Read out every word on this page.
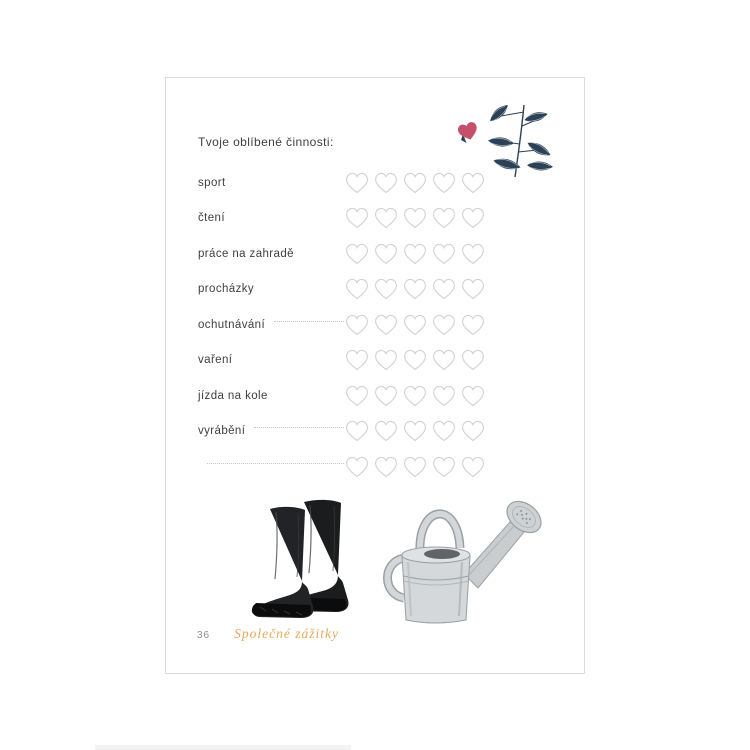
Tvoje oblíbené činnosti:
sport
čtení
práce na zahradě
procházky
ochutnávání
vaření
jízda na kole
vyrábění
36 Společné zážitky
